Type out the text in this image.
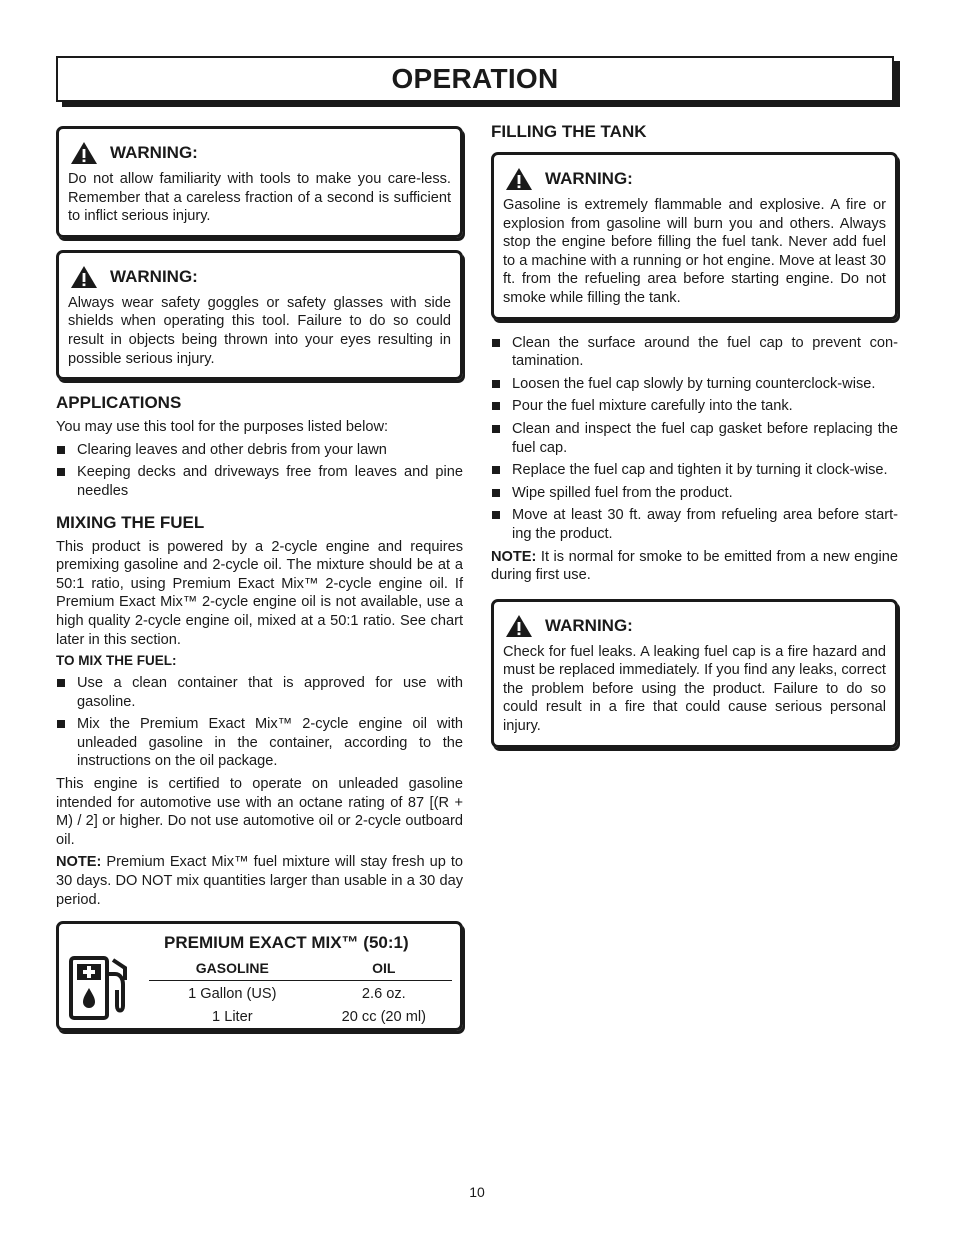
OPERATION
WARNING:
Do not allow familiarity with tools to make you care-less. Remember that a careless fraction of a second is sufficient to inflict serious injury.
WARNING:
Always wear safety goggles or safety glasses with side shields when operating this tool. Failure to do so could result in objects being thrown into your eyes resulting in possible serious injury.
APPLICATIONS

You may use this tool for the purposes listed below:

Clearing leaves and other debris from your lawn
Keeping decks and driveways free from leaves and pine needles
MIXING THE FUEL

This product is powered by a 2-cycle engine and requires premixing gasoline and 2-cycle oil. The mixture should be at a 50:1 ratio, using Premium Exact Mix™ 2-cycle engine oil. If Premium Exact Mix™ 2-cycle engine oil is not available, use a high quality 2-cycle engine oil, mixed at a 50:1 ratio. See chart later in this section.

TO MIX THE FUEL:
Use a clean container that is approved for use with gasoline.
Mix the Premium Exact Mix™ 2-cycle engine oil with unleaded gasoline in the container, according to the instructions on the oil package.

This engine is certified to operate on unleaded gasoline intended for automotive use with an octane rating of 87 [(R + M) / 2] or higher. Do not use automotive oil or 2-cycle outboard oil.

NOTE: Premium Exact Mix™ fuel mixture will stay fresh up to 30 days. DO NOT mix quantities larger than usable in a 30 day period.

PREMIUM EXACT MIX™ (50:1)
GASOLINE	OIL
1 Gallon (US)	2.6 oz.
1 Liter	20 cc (20 ml)
FILLING THE TANK
WARNING:
Gasoline is extremely flammable and explosive. A fire or explosion from gasoline will burn you and others. Always stop the engine before filling the fuel tank. Never add fuel to a machine with a running or hot engine. Move at least 30 ft. from the refueling area before starting engine. Do not smoke while filling the tank.
Clean the surface around the fuel cap to prevent con-tamination.
Loosen the fuel cap slowly by turning counterclock-wise.
Pour the fuel mixture carefully into the tank.
Clean and inspect the fuel cap gasket before replacing the fuel cap.
Replace the fuel cap and tighten it by turning it clock-wise.
Wipe spilled fuel from the product.
Move at least 30 ft. away from refueling area before start-ing the product.

NOTE: It is normal for smoke to be emitted from a new engine during first use.

WARNING:
Check for fuel leaks. A leaking fuel cap is a fire hazard and must be replaced immediately. If you find any leaks, correct the problem before using the product. Failure to do so could result in a fire that could cause serious personal injury.
10
